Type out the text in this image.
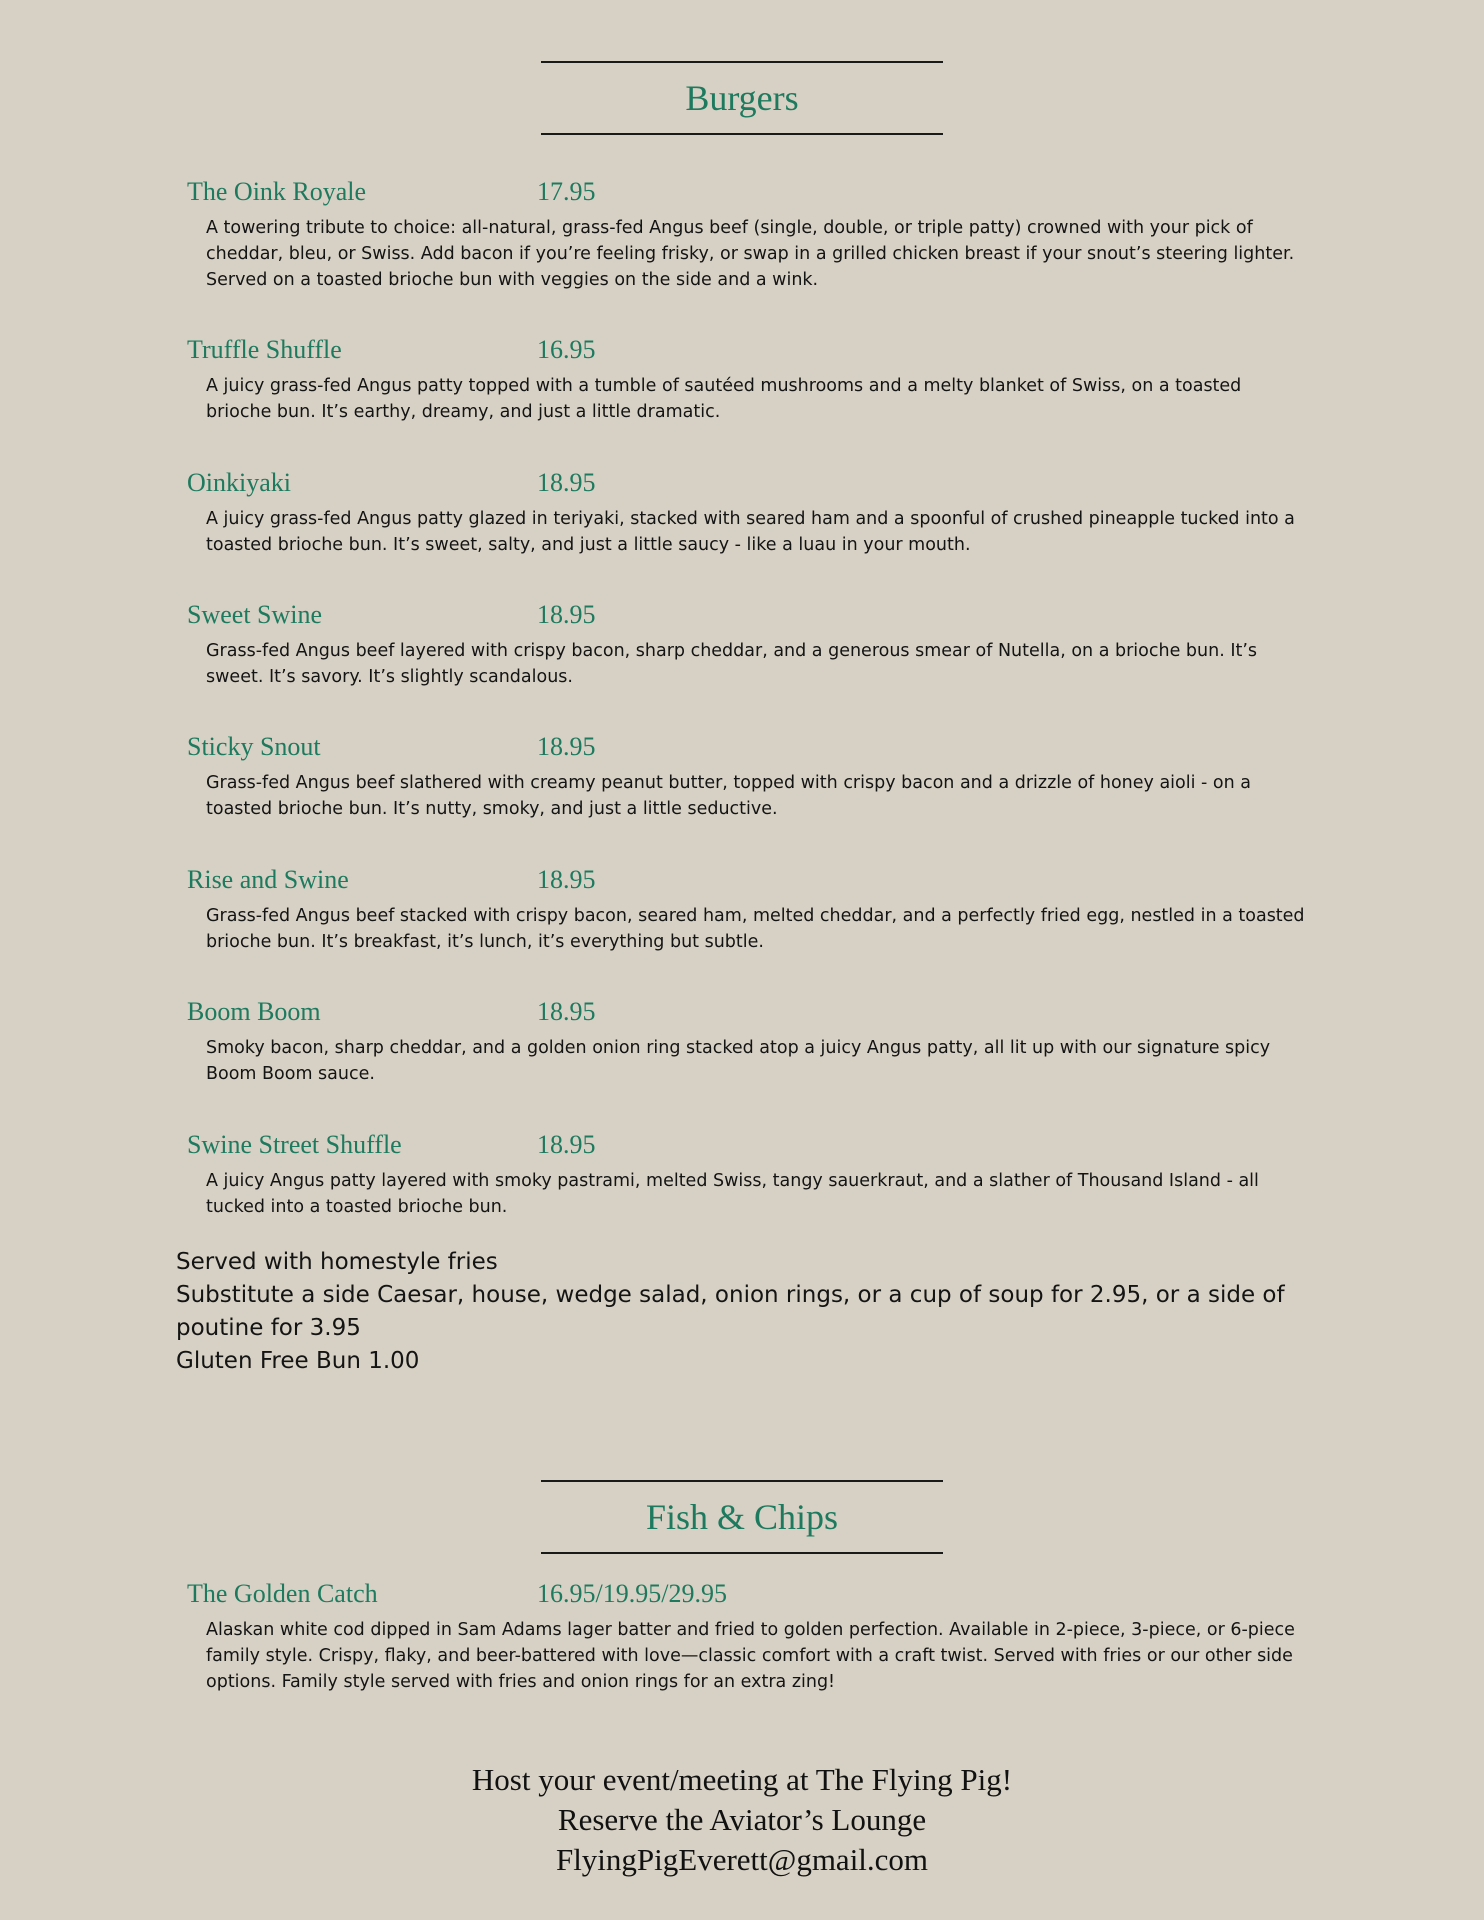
Burgers
The Oink Royale	17.95
A towering tribute to choice: all-natural, grass-fed Angus beef (single, double, or triple patty) crowned with your pick of cheddar, bleu, or Swiss. Add bacon if you’re feeling frisky, or swap in a grilled chicken breast if your snout’s steering lighter. Served on a toasted brioche bun with veggies on the side and a wink.
Truffle Shuffle	16.95
A juicy grass-fed Angus patty topped with a tumble of sautéed mushrooms and a melty blanket of Swiss, on a toasted brioche bun. It’s earthy, dreamy, and just a little dramatic.
Oinkiyaki	18.95
A juicy grass-fed Angus patty glazed in teriyaki, stacked with seared ham and a spoonful of crushed pineapple tucked into a toasted brioche bun. It’s sweet, salty, and just a little saucy - like a luau in your mouth.
Sweet Swine	18.95
Grass-fed Angus beef layered with crispy bacon, sharp cheddar, and a generous smear of Nutella, on a brioche bun. It’s sweet. It’s savory. It’s slightly scandalous.
Sticky Snout	18.95
Grass-fed Angus beef slathered with creamy peanut butter, topped with crispy bacon and a drizzle of honey aioli - on a toasted brioche bun. It’s nutty, smoky, and just a little seductive.
Rise and Swine	18.95
Grass-fed Angus beef stacked with crispy bacon, seared ham, melted cheddar, and a perfectly fried egg, nestled in a toasted brioche bun. It’s breakfast, it’s lunch, it’s everything but subtle.
Boom Boom	18.95
Smoky bacon, sharp cheddar, and a golden onion ring stacked atop a juicy Angus patty, all lit up with our signature spicy Boom Boom sauce.
Swine Street Shuffle	18.95
A juicy Angus patty layered with smoky pastrami, melted Swiss, tangy sauerkraut, and a slather of Thousand Island - all tucked into a toasted brioche bun.
Served with homestyle fries
Substitute a side Caesar, house, wedge salad, onion rings, or a cup of soup for 2.95, or a side of poutine for 3.95
Gluten Free Bun 1.00
Fish & Chips
The Golden Catch	16.95/19.95/29.95
Alaskan white cod dipped in Sam Adams lager batter and fried to golden perfection. Available in 2-piece, 3-piece, or 6-piece family style. Crispy, flaky, and beer-battered with love—classic comfort with a craft twist. Served with fries or our other side options. Family style served with fries and onion rings for an extra zing!
Host your event/meeting at The Flying Pig!
Reserve the Aviator’s Lounge
FlyingPigEverett@gmail.com
